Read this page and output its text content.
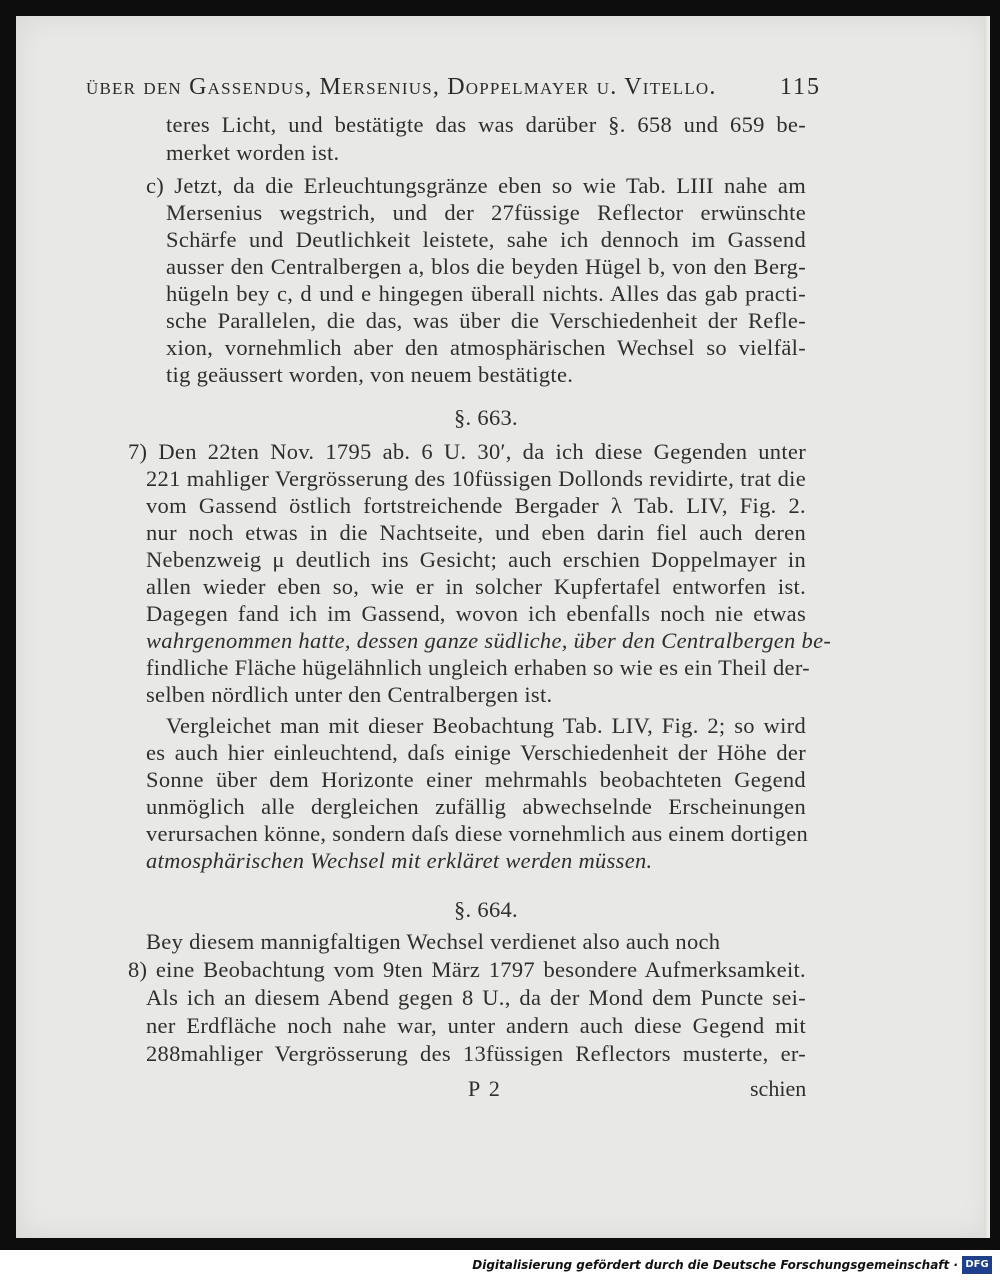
über den Gassendus, Mersenius, Doppelmayer u. Vitello.	115
teres Licht, und bestätigte das was darüber §. 658 und 659 be-
merket worden ist.
c) Jetzt, da die Erleuchtungsgränze eben so wie Tab. LIII nahe am
Mersenius wegstrich, und der 27füssige Reflector erwünschte
Schärfe und Deutlichkeit leistete, sahe ich dennoch im Gassend
ausser den Centralbergen a, blos die beyden Hügel b, von den Berg-
hügeln bey c, d und e hingegen überall nichts. Alles das gab practi-
sche Parallelen, die das, was über die Verschiedenheit der Refle-
xion, vornehmlich aber den atmosphärischen Wechsel so vielfäl-
tig geäussert worden, von neuem bestätigte.
§. 663.
7) Den 22ten Nov. 1795 ab. 6 U. 30′, da ich diese Gegenden unter
221 mahliger Vergrösserung des 10füssigen Dollonds revidirte, trat die
vom Gassend östlich fortstreichende Bergader λ Tab. LIV, Fig. 2.
nur noch etwas in die Nachtseite, und eben darin fiel auch deren
Nebenzweig μ deutlich ins Gesicht; auch erschien Doppelmayer in
allen wieder eben so, wie er in solcher Kupfertafel entworfen ist.
Dagegen fand ich im Gassend, wovon ich ebenfalls noch nie etwas
wahrgenommen hatte, dessen ganze südliche, über den Centralbergen be-
findliche Fläche hügelähnlich ungleich erhaben so wie es ein Theil der-
selben nördlich unter den Centralbergen ist.
Vergleichet man mit dieser Beobachtung Tab. LIV, Fig. 2; so wird
es auch hier einleuchtend, daſs einige Verschiedenheit der Höhe der
Sonne über dem Horizonte einer mehrmahls beobachteten Gegend
unmöglich alle dergleichen zufällig abwechselnde Erscheinungen
verursachen könne, sondern daſs diese vornehmlich aus einem dortigen
atmosphärischen Wechsel mit erkläret werden müssen.
§. 664.
Bey diesem mannigfaltigen Wechsel verdienet also auch noch
8) eine Beobachtung vom 9ten März 1797 besondere Aufmerksamkeit.
Als ich an diesem Abend gegen 8 U., da der Mond dem Puncte sei-
ner Erdfläche noch nahe war, unter andern auch diese Gegend mit
288mahliger Vergrösserung des 13füssigen Reflectors musterte, er-
P 2	schien
Digitalisierung gefördert durch die Deutsche Forschungsgemeinschaft · DFG
